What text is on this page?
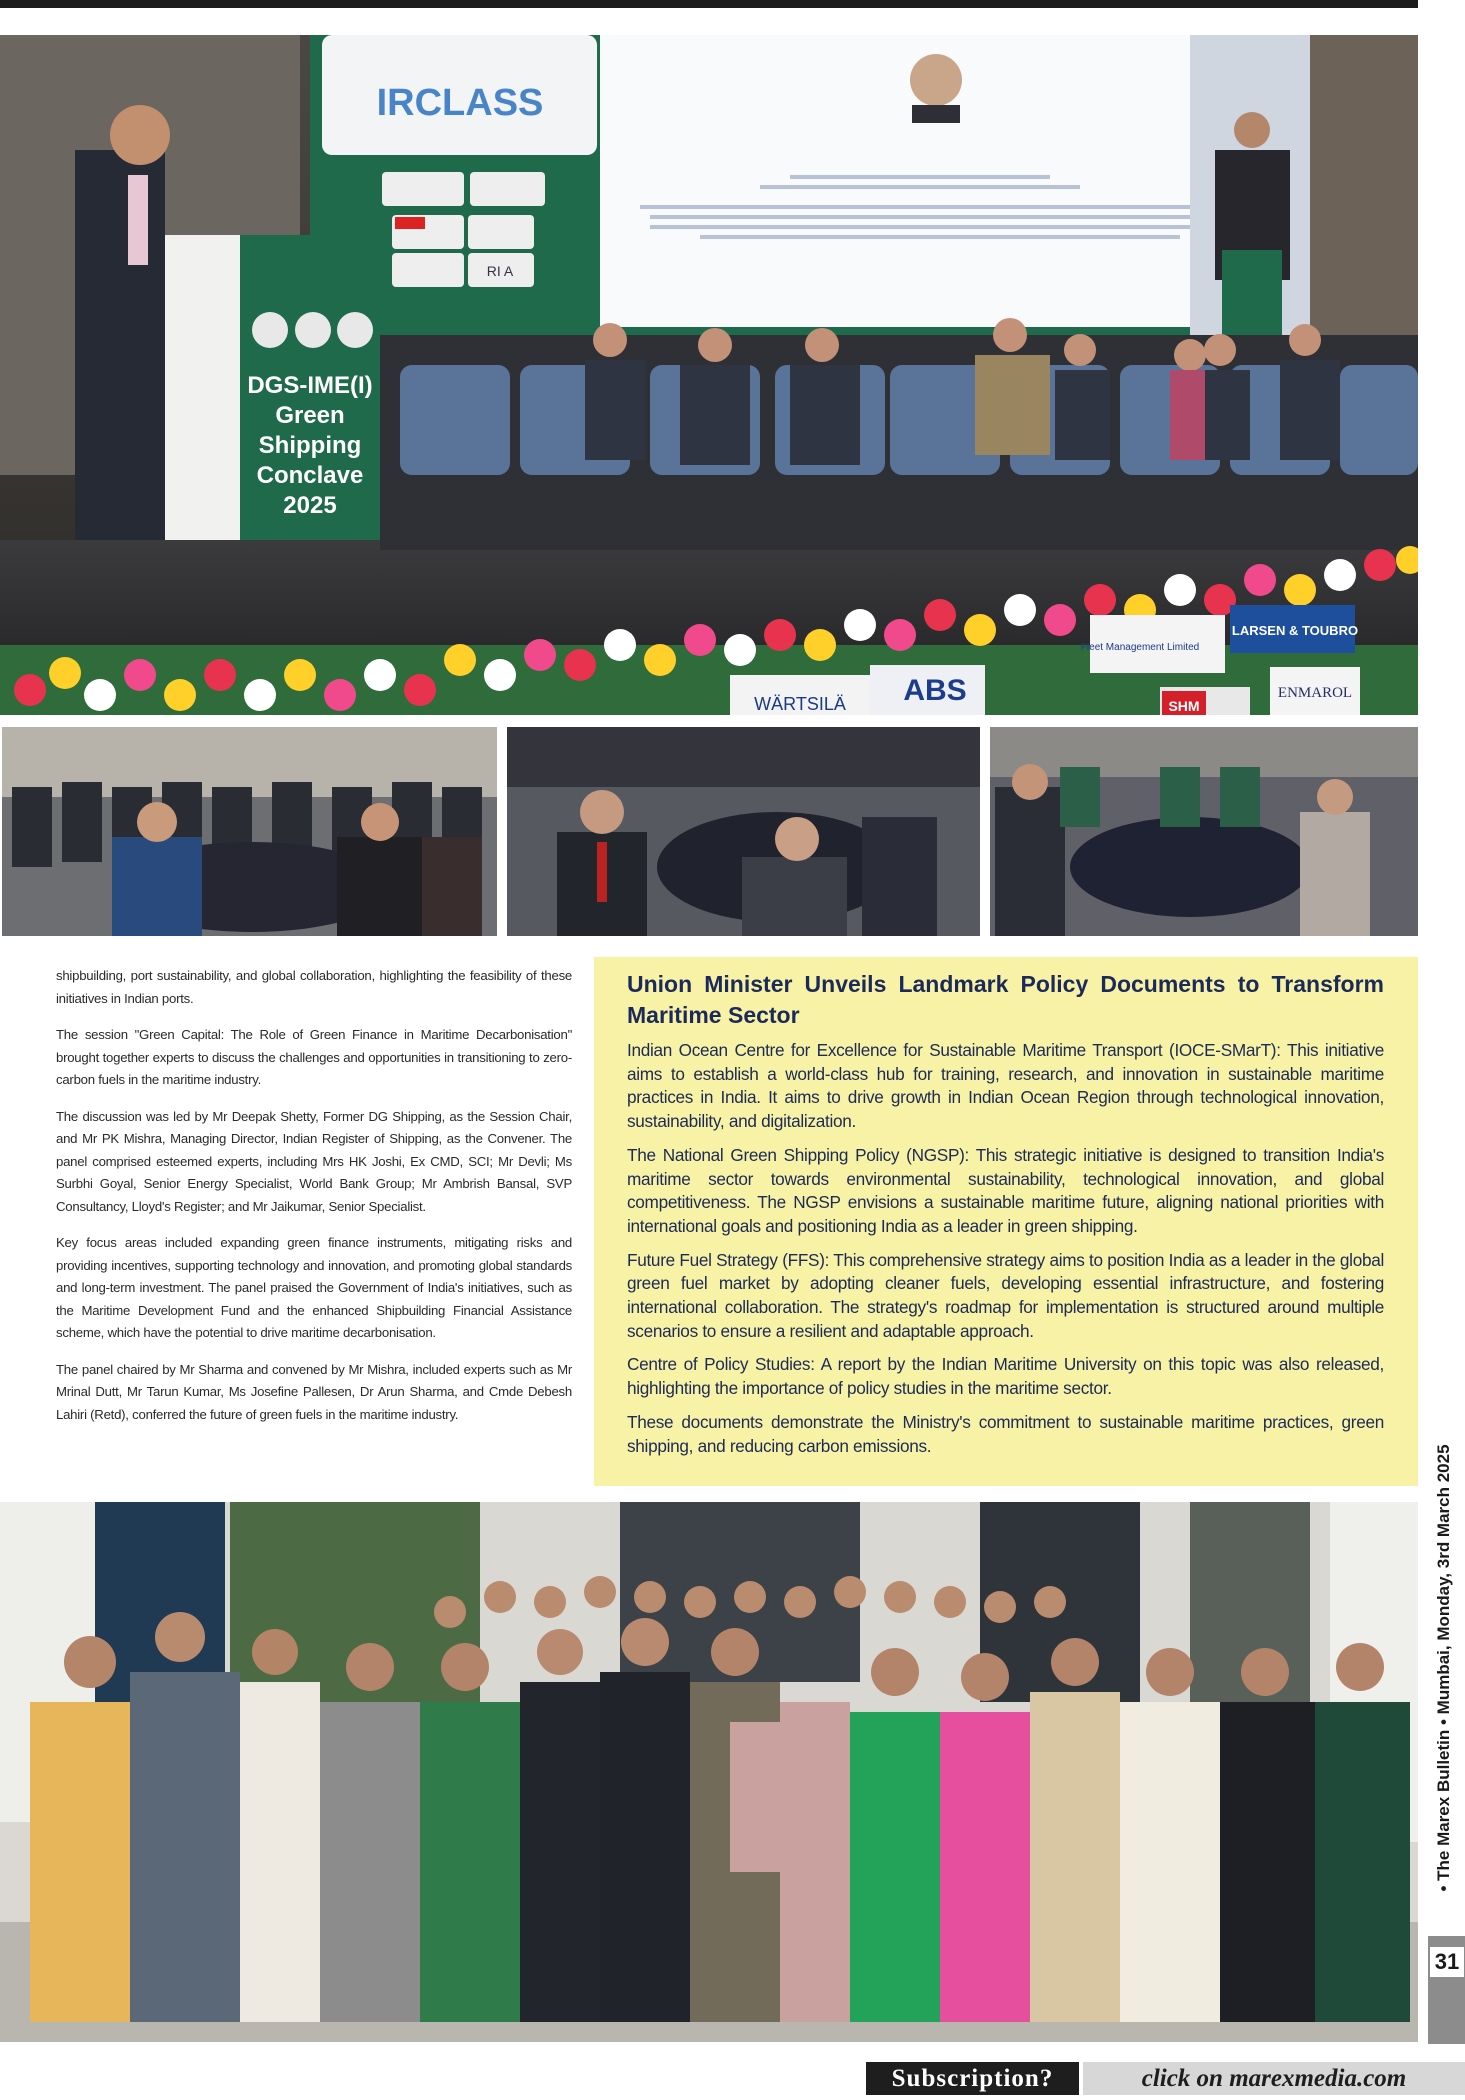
IRCLASS
RI A
DGS-IME(I)
Green
Shipping
Conclave
2025
WÄRTSILÄ ABS
Fleet Management Limited
LARSEN & TOUBRO
ENMAROL
SHM

shipbuilding, port sustainability, and global collaboration, highlighting the feasibility of these initiatives in Indian ports.

The session "Green Capital: The Role of Green Finance in Maritime Decarbonisation" brought together experts to discuss the challenges and opportunities in transitioning to zero-carbon fuels in the maritime industry.

The discussion was led by Mr Deepak Shetty, Former DG Shipping, as the Session Chair, and Mr PK Mishra, Managing Director, Indian Register of Shipping, as the Convener. The panel comprised esteemed experts, including Mrs HK Joshi, Ex CMD, SCI; Mr Devli; Ms Surbhi Goyal, Senior Energy Specialist, World Bank Group; Mr Ambrish Bansal, SVP Consultancy, Lloyd's Register; and Mr Jaikumar, Senior Specialist.

Key focus areas included expanding green finance instruments, mitigating risks and providing incentives, supporting technology and innovation, and promoting global standards and long-term investment. The panel praised the Government of India's initiatives, such as the Maritime Development Fund and the enhanced Shipbuilding Financial Assistance scheme, which have the potential to drive maritime decarbonisation.

The panel chaired by Mr Sharma and convened by Mr Mishra, included experts such as Mr Mrinal Dutt, Mr Tarun Kumar, Ms Josefine Pallesen, Dr Arun Sharma, and Cmde Debesh Lahiri (Retd), conferred the future of green fuels in the maritime industry.

Union Minister Unveils Landmark Policy Documents to Transform Maritime Sector

Indian Ocean Centre for Excellence for Sustainable Maritime Transport (IOCE-SMarT): This initiative aims to establish a world-class hub for training, research, and innovation in sustainable maritime practices in India. It aims to drive growth in Indian Ocean Region through technological innovation, sustainability, and digitalization.

The National Green Shipping Policy (NGSP): This strategic initiative is designed to transition India's maritime sector towards environmental sustainability, technological innovation, and global competitiveness. The NGSP envisions a sustainable maritime future, aligning national priorities with international goals and positioning India as a leader in green shipping.

Future Fuel Strategy (FFS): This comprehensive strategy aims to position India as a leader in the global green fuel market by adopting cleaner fuels, developing essential infrastructure, and fostering international collaboration. The strategy's roadmap for implementation is structured around multiple scenarios to ensure a resilient and adaptable approach.

Centre of Policy Studies: A report by the Indian Maritime University on this topic was also released, highlighting the importance of policy studies in the maritime sector.

These documents demonstrate the Ministry's commitment to sustainable maritime practices, green shipping, and reducing carbon emissions.	• The Marex Bulletin • Mumbai, Monday, 3rd March 2025
31
Subscription?	click on marexmedia.com
